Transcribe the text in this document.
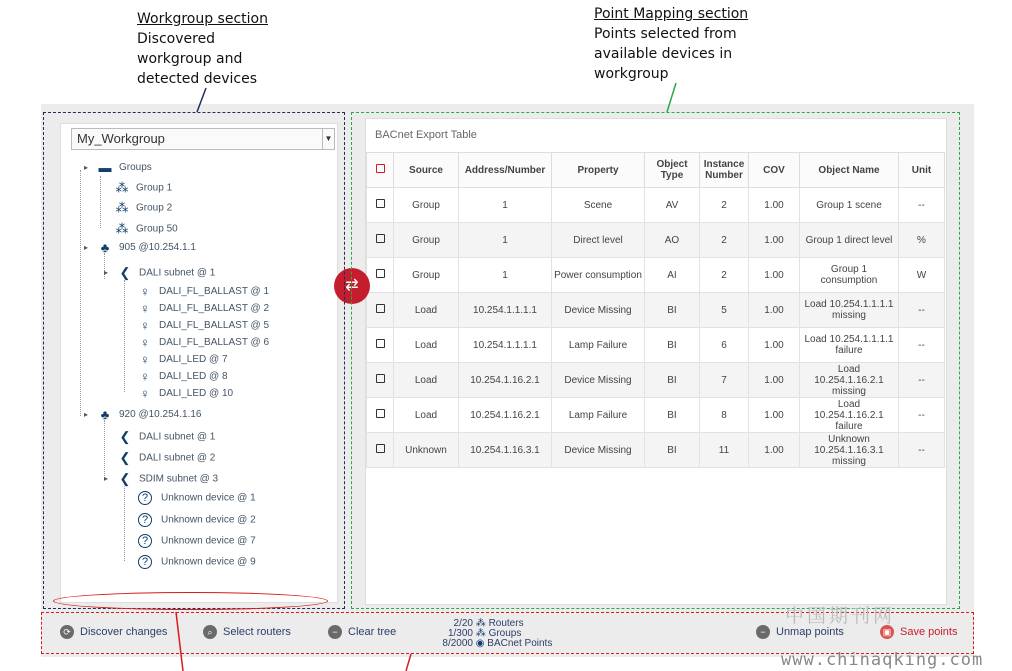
Workgroup section
Discovered
workgroup and
detected devices
Point Mapping section
Points selected from
available devices in
workgroup
My_Workgroup	▼
▸ ▬ Groups
⁂ Group 1
⁂ Group 2
⁂ Group 50
▸ ♣ 905 @10.254.1.1
▸ ❮ DALI subnet @ 1
♀ DALI_FL_BALLAST @ 1
♀ DALI_FL_BALLAST @ 2
♀ DALI_FL_BALLAST @ 5
♀ DALI_FL_BALLAST @ 6
♀ DALI_LED @ 7
♀ DALI_LED @ 8
♀ DALI_LED @ 10
▸ ♣ 920 @10.254.1.16
❮ DALI subnet @ 1
❮ DALI subnet @ 2
▸ ❮ SDIM subnet @ 3
? Unknown device @ 1
? Unknown device @ 2
? Unknown device @ 7
? Unknown device @ 9
BACnet Export Table
	Source	Address/Number	Property	Object Type	Instance Number	COV	Object Name	Unit
	Group	1	Scene	AV	2	1.00	Group 1 scene	--
	Group	1	Direct level	AO	2	1.00	Group 1 direct level	%
	Group	1	Power consumption	AI	2	1.00	Group 1 consumption	W
	Load	10.254.1.1.1.1	Device Missing	BI	5	1.00	Load 10.254.1.1.1.1 missing	--
	Load	10.254.1.1.1.1	Lamp Failure	BI	6	1.00	Load 10.254.1.1.1.1 failure	--
	Load	10.254.1.16.2.1	Device Missing	BI	7	1.00	Load 10.254.1.16.2.1 missing	--
	Load	10.254.1.16.2.1	Lamp Failure	BI	8	1.00	Load 10.254.1.16.2.1 failure	--
	Unknown	10.254.1.16.3.1	Device Missing	BI	11	1.00	Unknown 10.254.1.16.3.1 missing	--
⇄
⟳ Discover changes	⌕ Select routers	− Clear tree
2/20 ⁂ Routers
1/300 ⁂ Groups
8/2000 ◉ BACnet Points
− Unmap points	▣ Save points
中国期刊网
www.chinaqking.com
